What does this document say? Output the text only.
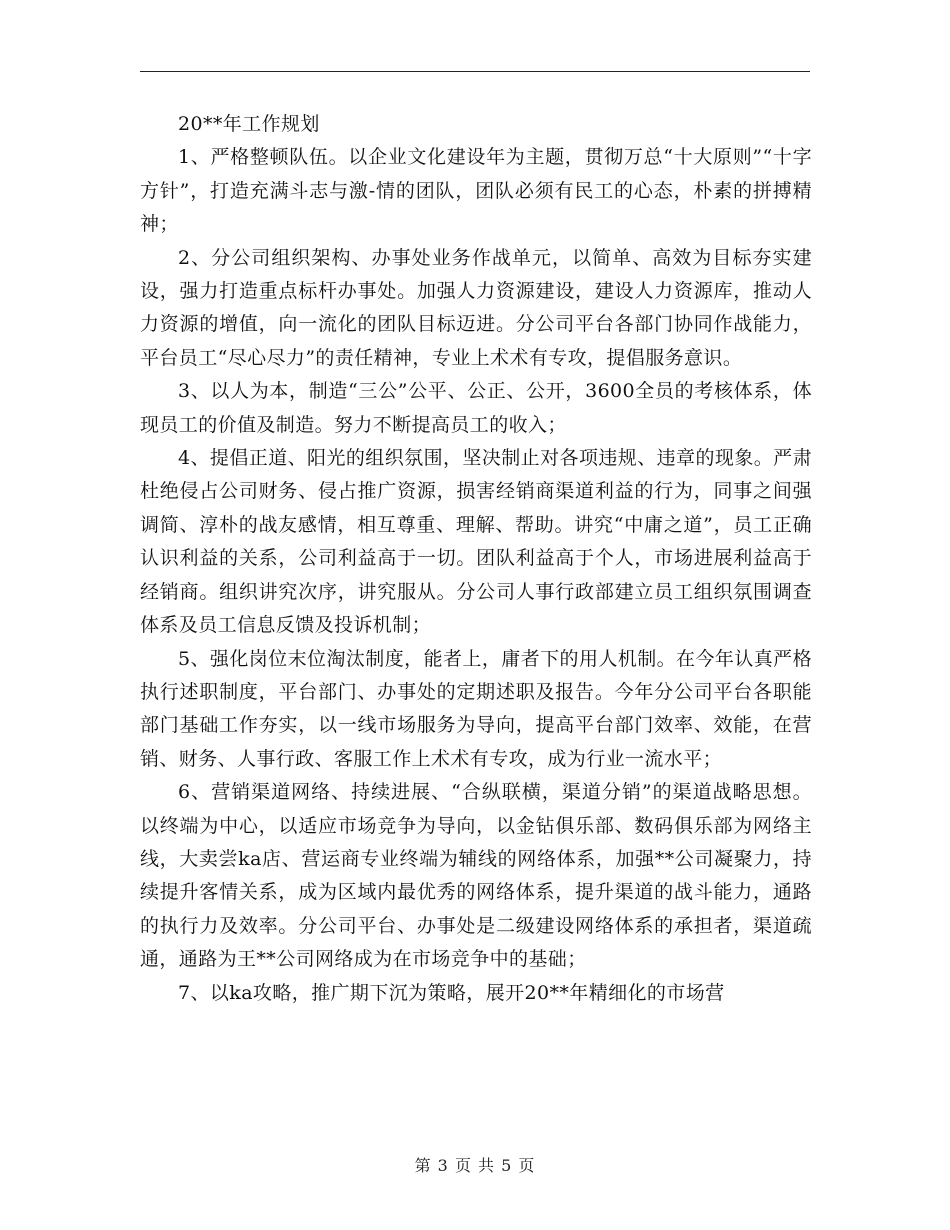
20**年工作规划

1、严格整顿队伍。以企业文化建设年为主题，贯彻万总“十大原则”“十字方针”，打造充满斗志与激-情的团队，团队必须有民工的心态，朴素的拼搏精神；

2、分公司组织架构、办事处业务作战单元，以简单、高效为目标夯实建设，强力打造重点标杆办事处。加强人力资源建设，建设人力资源库，推动人力资源的增值，向一流化的团队目标迈进。分公司平台各部门协同作战能力，平台员工“尽心尽力”的责任精神，专业上术术有专攻，提倡服务意识。

3、以人为本，制造“三公”公平、公正、公开，3600全员的考核体系，体现员工的价值及制造。努力不断提高员工的收入；

4、提倡正道、阳光的组织氛围，坚决制止对各项违规、违章的现象。严肃杜绝侵占公司财务、侵占推广资源，损害经销商渠道利益的行为，同事之间强调简、淳朴的战友感情，相互尊重、理解、帮助。讲究“中庸之道”，员工正确认识利益的关系，公司利益高于一切。团队利益高于个人，市场进展利益高于经销商。组织讲究次序，讲究服从。分公司人事行政部建立员工组织氛围调查体系及员工信息反馈及投诉机制；

5、强化岗位末位淘汰制度，能者上，庸者下的用人机制。在今年认真严格执行述职制度，平台部门、办事处的定期述职及报告。今年分公司平台各职能部门基础工作夯实，以一线市场服务为导向，提高平台部门效率、效能，在营销、财务、人事行政、客服工作上术术有专攻，成为行业一流水平；

6、营销渠道网络、持续进展、“合纵联横，渠道分销”的渠道战略思想。以终端为中心，以适应市场竞争为导向，以金钻俱乐部、数码俱乐部为网络主线，大卖尝ka店、营运商专业终端为辅线的网络体系，加强**公司凝聚力，持续提升客情关系，成为区域内最优秀的网络体系，提升渠道的战斗能力，通路的执行力及效率。分公司平台、办事处是二级建设网络体系的承担者，渠道疏通，通路为王**公司网络成为在市场竞争中的基础；

7、以ka攻略，推广期下沉为策略，展开20**年精细化的市场营

第 3 页 共 5 页
